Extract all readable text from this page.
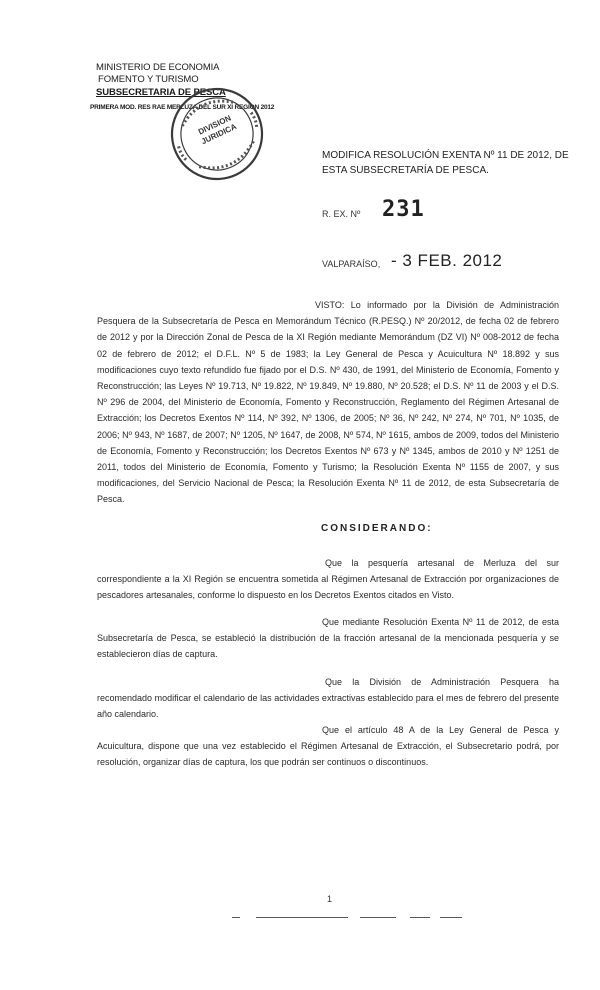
MINISTERIO DE ECONOMIA
FOMENTO Y TURISMO
SUBSECRETARIA DE PESCA
PRIMERA MOD. RES RAE MERLUZA DEL SUR XI REGION 2012
DIVISION JURIDICA
MODIFICA RESOLUCIÓN EXENTA Nº 11 DE 2012, DE ESTA SUBSECRETARÍA DE PESCA.
R. EX. Nº 231
VALPARAÍSO, - 3 FEB. 2012
VISTO: Lo informado por la División de Administración Pesquera de la Subsecretaría de Pesca en Memorándum Técnico (R.PESQ.) Nº 20/2012, de fecha 02 de febrero de 2012 y por la Dirección Zonal de Pesca de la XI Región mediante Memorándum (DZ VI) Nº 008-2012 de fecha 02 de febrero de 2012; el D.F.L. Nº 5 de 1983; la Ley General de Pesca y Acuicultura Nº 18.892 y sus modificaciones cuyo texto refundido fue fijado por el D.S. Nº 430, de 1991, del Ministerio de Economía, Fomento y Reconstrucción; las Leyes Nº 19.713, Nº 19.822, Nº 19.849, Nº 19.880, Nº 20.528; el D.S. Nº 11 de 2003 y el D.S. Nº 296 de 2004, del Ministerio de Economía, Fomento y Reconstrucción, Reglamento del Régimen Artesanal de Extracción; los Decretos Exentos Nº 114, Nº 392, Nº 1306, de 2005; Nº 36, Nº 242, Nº 274, Nº 701, Nº 1035, de 2006; Nº 943, Nº 1687, de 2007; Nº 1205, Nº 1647, de 2008, Nº 574, Nº 1615, ambos de 2009, todos del Ministerio de Economía, Fomento y Reconstrucción; los Decretos Exentos Nº 673 y Nº 1345, ambos de 2010 y Nº 1251 de 2011, todos del Ministerio de Economía, Fomento y Turismo; la Resolución Exenta Nº 1155 de 2007, y sus modificaciones, del Servicio Nacional de Pesca; la Resolución Exenta Nº 11 de 2012, de esta Subsecretaría de Pesca.
CONSIDERANDO:
Que la pesquería artesanal de Merluza del sur correspondiente a la XI Región se encuentra sometida al Régimen Artesanal de Extracción por organizaciones de pescadores artesanales, conforme lo dispuesto en los Decretos Exentos citados en Visto.
Que mediante Resolución Exenta Nº 11 de 2012, de esta Subsecretaría de Pesca, se estableció la distribución de la fracción artesanal de la mencionada pesquería y se establecieron días de captura.
Que la División de Administración Pesquera ha recomendado modificar el calendario de las actividades extractivas establecido para el mes de febrero del presente año calendario.
Que el artículo 48 A de la Ley General de Pesca y Acuicultura, dispone que una vez establecido el Régimen Artesanal de Extracción, el Subsecretario podrá, por resolución, organizar días de captura, los que podrán ser continuos o discontinuos.
1
